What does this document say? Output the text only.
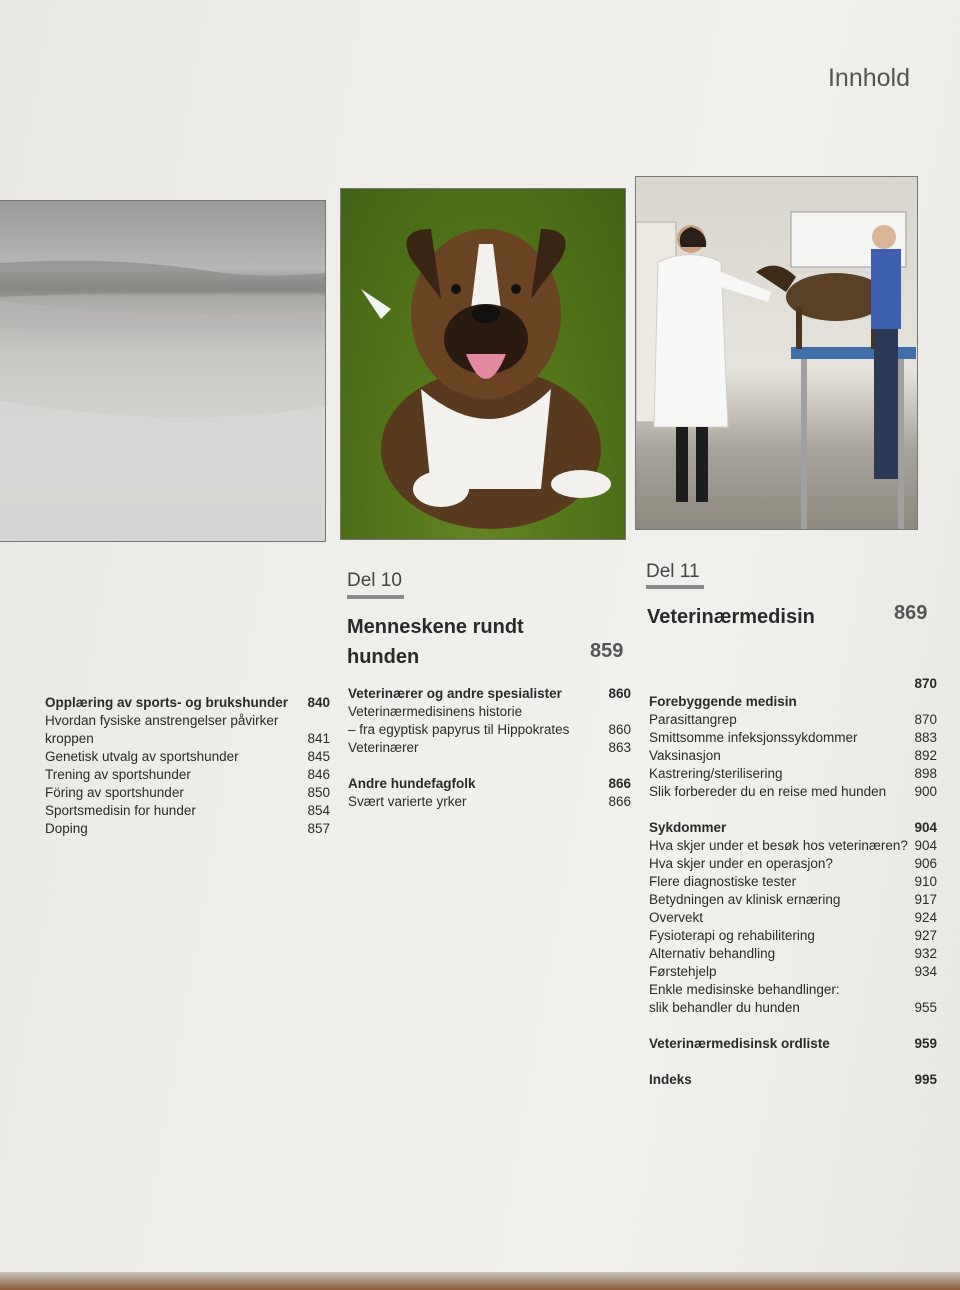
Innhold
Del 10
Menneskene rundt
hunden	859
Del 11
Veterinærmedisin	869
Opplæring av sports- og brukshunder 840
Hvordan fysiske anstrengelser påvirker
kroppen	841
Genetisk utvalg av sportshunder	845
Trening av sportshunder	846
Föring av sportshunder	850
Sportsmedisin for hunder	854
Doping	857
Veterinærer og andre spesialister	860
Veterinærmedisinens historie
– fra egyptisk papyrus til Hippokrates	860
Veterinærer	863
Andre hundefagfolk	866
Svært varierte yrker	866
870
Forebyggende medisin
Parasittangrep	870
Smittsomme infeksjonssykdommer	883
Vaksinasjon	892
Kastrering/sterilisering	898
Slik forbereder du en reise med hunden 900
Sykdommer	904
Hva skjer under et besøk hos veterinæren? 904
Hva skjer under en operasjon?	906
Flere diagnostiske tester	910
Betydningen av klinisk ernæring	917
Overvekt	924
Fysioterapi og rehabilitering	927
Alternativ behandling	932
Førstehjelp	934
Enkle medisinske behandlinger:
slik behandler du hunden	955
Veterinærmedisinsk ordliste	959
Indeks	995
